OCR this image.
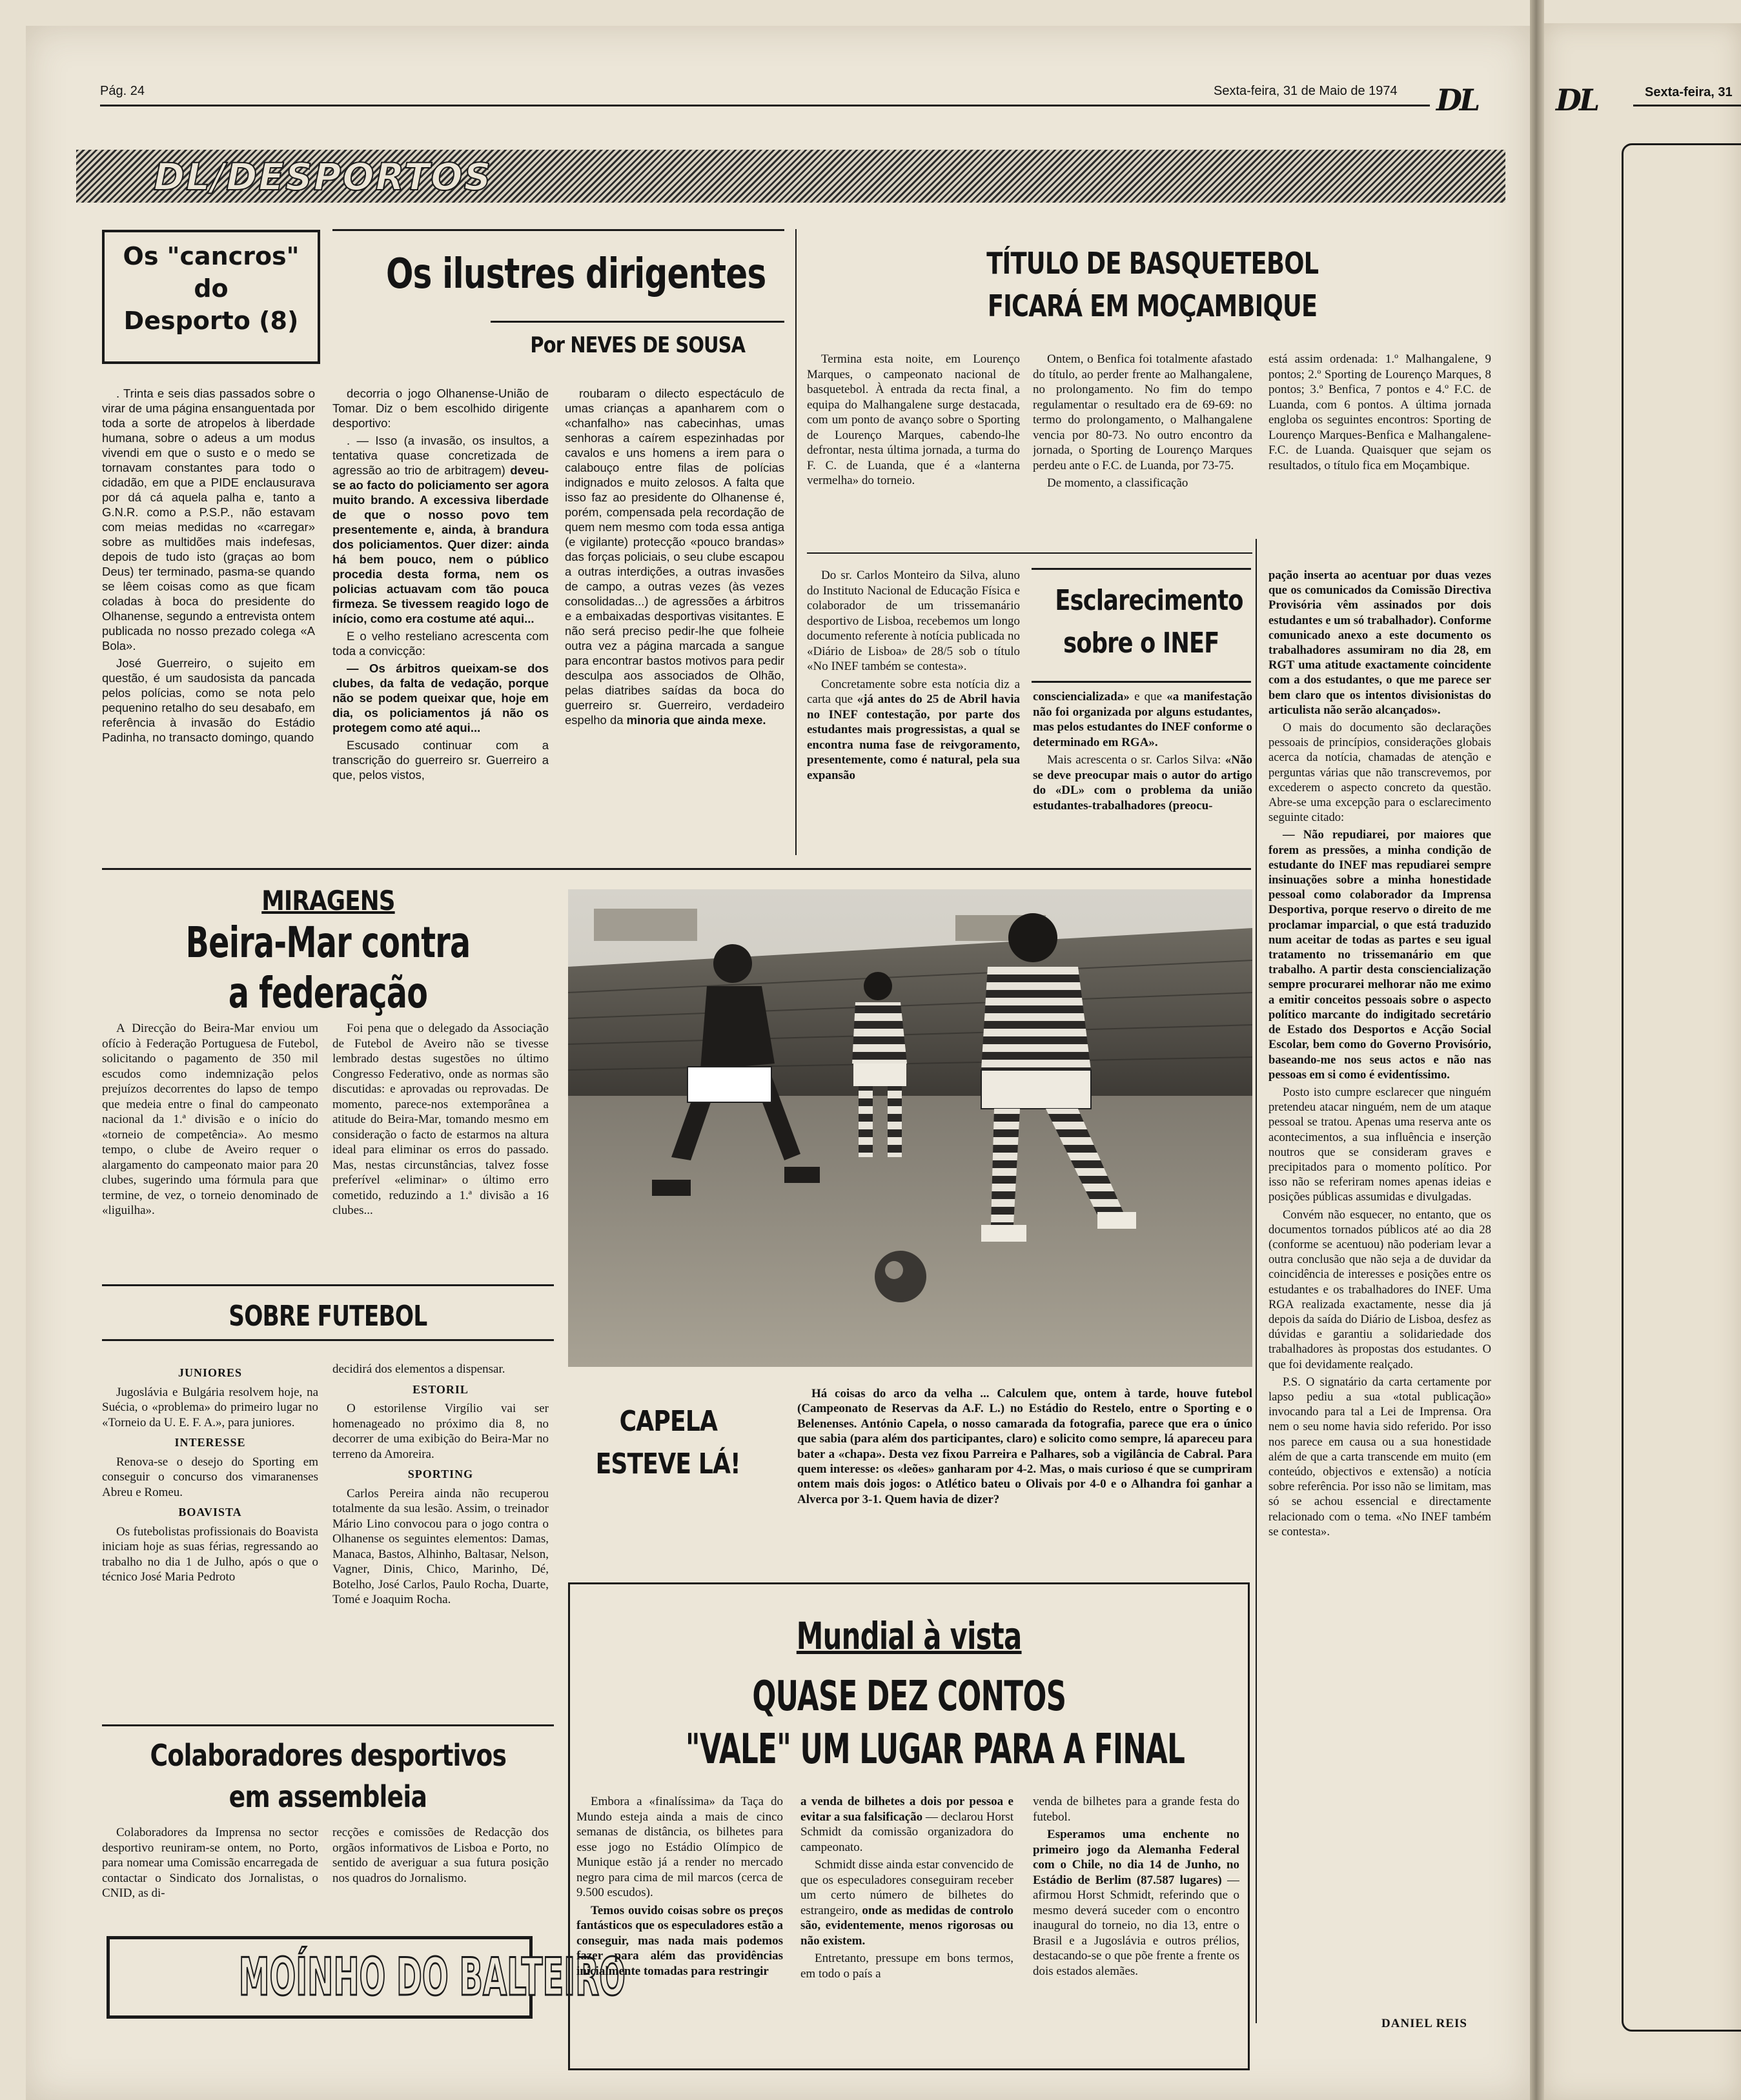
Pág. 24	Sexta-feira, 31 de Maio de 1974 DL
DL/DESPORTOS
Os "cancros"
do
Desporto (8)
Os ilustres dirigentes
Por NEVES DE SOUSA

. Trinta e seis dias passados sobre o virar de uma página ensanguentada por toda a sorte de atropelos à liberdade humana, sobre o adeus a um modus vivendi em que o susto e o medo se tornavam constantes para todo o cidadão, em que a PIDE enclausurava por dá cá aquela palha e, tanto a G.N.R. como a P.S.P., não estavam com meias medidas no «carregar» sobre as multidões mais indefesas, depois de tudo isto (graças ao bom Deus) ter terminado, pasma-se quando se lêem coisas como as que ficam coladas à boca do presidente do Olhanense, segundo a entrevista ontem publicada no nosso prezado colega «A Bola».

José Guerreiro, o sujeito em questão, é um saudosista da pancada pelos polícias, como se nota pelo pequenino retalho do seu desabafo, em referência à invasão do Estádio Padinha, no transacto domingo, quando

decorria o jogo Olhanense-União de Tomar. Diz o bem escolhido dirigente desportivo:

. — Isso (a invasão, os insultos, a tentativa quase concretizada de agressão ao trio de arbitragem) deveu-se ao facto do policiamento ser agora muito brando. A excessiva liberdade de que o nosso povo tem presentemente e, ainda, à brandura dos policiamentos. Quer dizer: ainda há bem pouco, nem o público procedia desta forma, nem os policias actuavam com tão pouca firmeza. Se tivessem reagido logo de início, como era costume até aqui...

E o velho resteliano acrescenta com toda a convicção:

— Os árbitros queixam-se dos clubes, da falta de vedação, porque não se podem queixar que, hoje em dia, os policiamentos já não os protegem como até aqui...

Escusado continuar com a transcrição do guerreiro sr. Guerreiro a que, pelos vistos,

roubaram o dilecto espectáculo de umas crianças a apanharem com o «chanfalho» nas cabecinhas, umas senhoras a caírem espezinhadas por cavalos e uns homens a irem para o calabouço entre filas de polícias indignados e muito zelosos. A falta que isso faz ao presidente do Olhanense é, porém, compensada pela recordação de quem nem mesmo com toda essa antiga (e vigilante) protecção «pouco brandas» das forças policiais, o seu clube escapou a outras interdições, a outras invasões de campo, a outras vezes (às vezes consolidadas...) de agressões a árbitros e a embaixadas desportivas visitantes. E não será preciso pedir-lhe que folheie outra vez a página marcada a sangue para encontrar bastos motivos para pedir desculpa aos associados de Olhão, pelas diatribes saídas da boca do guerreiro sr. Guerreiro, verdadeiro espelho da minoria que ainda mexe.

TÍTULO DE BASQUETEBOL
FICARÁ EM MOÇAMBIQUE

Termina esta noite, em Lourenço Marques, o campeonato nacional de basquetebol. À entrada da recta final, a equipa do Malhangalene surge destacada, com um ponto de avanço sobre o Sporting de Lourenço Marques, cabendo-lhe defrontar, nesta última jornada, a turma do F. C. de Luanda, que é a «lanterna vermelha» do torneio.

Ontem, o Benfica foi totalmente afastado do título, ao perder frente ao Malhangalene, no prolongamento. No fim do tempo regulamentar o resultado era de 69-69: no termo do prolongamento, o Malhangalene vencia por 80-73. No outro encontro da jornada, o Sporting de Lourenço Marques perdeu ante o F.C. de Luanda, por 73-75.

De momento, a classificação

está assim ordenada: 1.º Malhangalene, 9 pontos; 2.º Sporting de Lourenço Marques, 8 pontos; 3.º Benfica, 7 pontos e 4.º F.C. de Luanda, com 6 pontos. A última jornada engloba os seguintes encontros: Sporting de Lourenço Marques-Benfica e Malhangalene-F.C. de Luanda. Quaisquer que sejam os resultados, o título fica em Moçambique.

Do sr. Carlos Monteiro da Silva, aluno do Instituto Nacional de Educação Física e colaborador de um trissemanário desportivo de Lisboa, recebemos um longo documento referente à notícia publicada no «Diário de Lisboa» de 28/5 sob o título «No INEF também se contesta».

Concretamente sobre esta notícia diz a carta que «já antes do 25 de Abril havia no INEF contestação, por parte dos estudantes mais progressistas, a qual se encontra numa fase de reivgoramento, presentemente, como é natural, pela sua expansão

Esclarecimento
sobre o INEF

consciencializada» e que «a manifestação não foi organizada por alguns estudantes, mas pelos estudantes do INEF conforme o determinado em RGA».

Mais acrescenta o sr. Carlos Silva: «Não se deve preocupar mais o autor do artigo do «DL» com o problema da união estudantes-trabalhadores (preocu-

pação inserta ao acentuar por duas vezes que os comunicados da Comissão Directiva Provisória vêm assinados por dois estudantes e um só trabalhador). Conforme comunicado anexo a este documento os trabalhadores assumiram no dia 28, em RGT uma atitude exactamente coincidente com a dos estudantes, o que me parece ser bem claro que os intentos divisionistas do articulista não serão alcançados».

O mais do documento são declarações pessoais de princípios, considerações globais acerca da notícia, chamadas de atenção e perguntas várias que não transcrevemos, por excederem o aspecto concreto da questão. Abre-se uma excepção para o esclarecimento seguinte citado:

— Não repudiarei, por maiores que forem as pressões, a minha condição de estudante do INEF mas repudiarei sempre insinuações sobre a minha honestidade pessoal como colaborador da Imprensa Desportiva, porque reservo o direito de me proclamar imparcial, o que está traduzido num aceitar de todas as partes e seu igual tratamento no trissemanário em que trabalho. A partir desta consciencialização sempre procurarei melhorar não me eximo a emitir conceitos pessoais sobre o aspecto político marcante do indigitado secretário de Estado dos Desportos e Acção Social Escolar, bem como do Governo Provisório, baseando-me nos seus actos e não nas pessoas em si como é evidentíssimo.

Posto isto cumpre esclarecer que ninguém pretendeu atacar ninguém, nem de um ataque pessoal se tratou. Apenas uma reserva ante os acontecimentos, a sua influência e inserção noutros que se consideram graves e precipitados para o momento político. Por isso não se referiram nomes apenas ideias e posições públicas assumidas e divulgadas.

Convém não esquecer, no entanto, que os documentos tornados públicos até ao dia 28 (conforme se acentuou) não poderiam levar a outra conclusão que não seja a de duvidar da coincidência de interesses e posições entre os estudantes e os trabalhadores do INEF. Uma RGA realizada exactamente, nesse dia já depois da saída do Diário de Lisboa, desfez as dúvidas e garantiu a solidariedade dos trabalhadores às propostas dos estudantes. O que foi devidamente realçado.

P.S. O signatário da carta certamente por lapso pediu a sua «total publicação» invocando para tal a Lei de Imprensa. Ora nem o seu nome havia sido referido. Por isso nos parece em causa ou a sua honestidade além de que a carta transcende em muito (em conteúdo, objectivos e extensão) a notícia sobre referência. Por isso não se limitam, mas só se achou essencial e directamente relacionado com o tema. «No INEF também se contesta».

DANIEL REIS
MIRAGENS
Beira-Mar contra
a federação

A Direcção do Beira-Mar enviou um ofício à Federação Portuguesa de Futebol, solicitando o pagamento de 350 mil escudos como indemnização pelos prejuízos decorrentes do lapso de tempo que medeia entre o final do campeonato nacional da 1.ª divisão e o início do «torneio de competência». Ao mesmo tempo, o clube de Aveiro requer o alargamento do campeonato maior para 20 clubes, sugerindo uma fórmula para que termine, de vez, o torneio denominado de «liguilha».

Foi pena que o delegado da Associação de Futebol de Aveiro não se tivesse lembrado destas sugestões no último Congresso Federativo, onde as normas são discutidas: e aprovadas ou reprovadas. De momento, parece-nos extemporânea a atitude do Beira-Mar, tomando mesmo em consideração o facto de estarmos na altura ideal para eliminar os erros do passado. Mas, nestas circunstâncias, talvez fosse preferível «eliminar» o último erro cometido, reduzindo a 1.ª divisão a 16 clubes...

CAPELA
ESTEVE LÁ!

Há coisas do arco da velha ... Calculem que, ontem à tarde, houve futebol (Campeonato de Reservas da A.F. L.) no Estádio do Restelo, entre o Sporting e o Belenenses. António Capela, o nosso camarada da fotografia, parece que era o único que sabia (para além dos participantes, claro) e solicito como sempre, lá apareceu para bater a «chapa». Desta vez fixou Parreira e Palhares, sob a vigilância de Cabral. Para quem interesse: os «leões» ganharam por 4-2. Mas, o mais curioso é que se cumpriram ontem mais dois jogos: o Atlético bateu o Olivais por 4-0 e o Alhandra foi ganhar a Alverca por 3-1. Quem havia de dizer?

SOBRE FUTEBOL
JUNIORES

Jugoslávia e Bulgária resolvem hoje, na Suécia, o «problema» do primeiro lugar no «Torneio da U. E. F. A.», para juniores.

INTERESSE

Renova-se o desejo do Sporting em conseguir o concurso dos vimaranenses Abreu e Romeu.

BOAVISTA

Os futebolistas profissionais do Boavista iniciam hoje as suas férias, regressando ao trabalho no dia 1 de Julho, após o que o técnico José Maria Pedroto

decidirá dos elementos a dispensar.

ESTORIL

O estorilense Virgílio vai ser homenageado no próximo dia 8, no decorrer de uma exibição do Beira-Mar no terreno da Amoreira.

SPORTING

Carlos Pereira ainda não recuperou totalmente da sua lesão. Assim, o treinador Mário Lino convocou para o jogo contra o Olhanense os seguintes elementos: Damas, Manaca, Bastos, Alhinho, Baltasar, Nelson, Vagner, Dinis, Chico, Marinho, Dé, Botelho, José Carlos, Paulo Rocha, Duarte, Tomé e Joaquim Rocha.

Colaboradores desportivos
em assembleia

Colaboradores da Imprensa no sector desportivo reuniram-se ontem, no Porto, para nomear uma Comissão encarregada de contactar o Sindicato dos Jornalistas, o CNID, as di-

recções e comissões de Redacção dos orgãos informativos de Lisboa e Porto, no sentido de averiguar a sua futura posição nos quadros do Jornalismo.

MOÍNHO DO BALTEIRO
Mundial à vista
QUASE DEZ CONTOS
"VALE" UM LUGAR PARA A FINAL

Embora a «finalíssima» da Taça do Mundo esteja ainda a mais de cinco semanas de distância, os bilhetes para esse jogo no Estádio Olímpico de Munique estão já a render no mercado negro para cima de mil marcos (cerca de 9.500 escudos).

Temos ouvido coisas sobre os preços fantásticos que os especuladores estão a conseguir, mas nada mais podemos fazer para além das providências inicialmente tomadas para restringir

a venda de bilhetes a dois por pessoa e evitar a sua falsificação — declarou Horst Schmidt da comissão organizadora do campeonato.

Schmidt disse ainda estar convencido de que os especuladores conseguiram receber um certo número de bilhetes do estrangeiro, onde as medidas de controlo são, evidentemente, menos rigorosas ou não existem.

Entretanto, pressupe em bons termos, em todo o país a

venda de bilhetes para a grande festa do futebol.

Esperamos uma enchente no primeiro jogo da Alemanha Federal com o Chile, no dia 14 de Junho, no Estádio de Berlim (87.587 lugares) — afirmou Horst Schmidt, referindo que o mesmo deverá suceder com o encontro inaugural do torneio, no dia 13, entre o Brasil e a Jugoslávia e outros prélios, destacando-se o que põe frente a frente os dois estados alemães.

DL	Sexta-feira, 31
